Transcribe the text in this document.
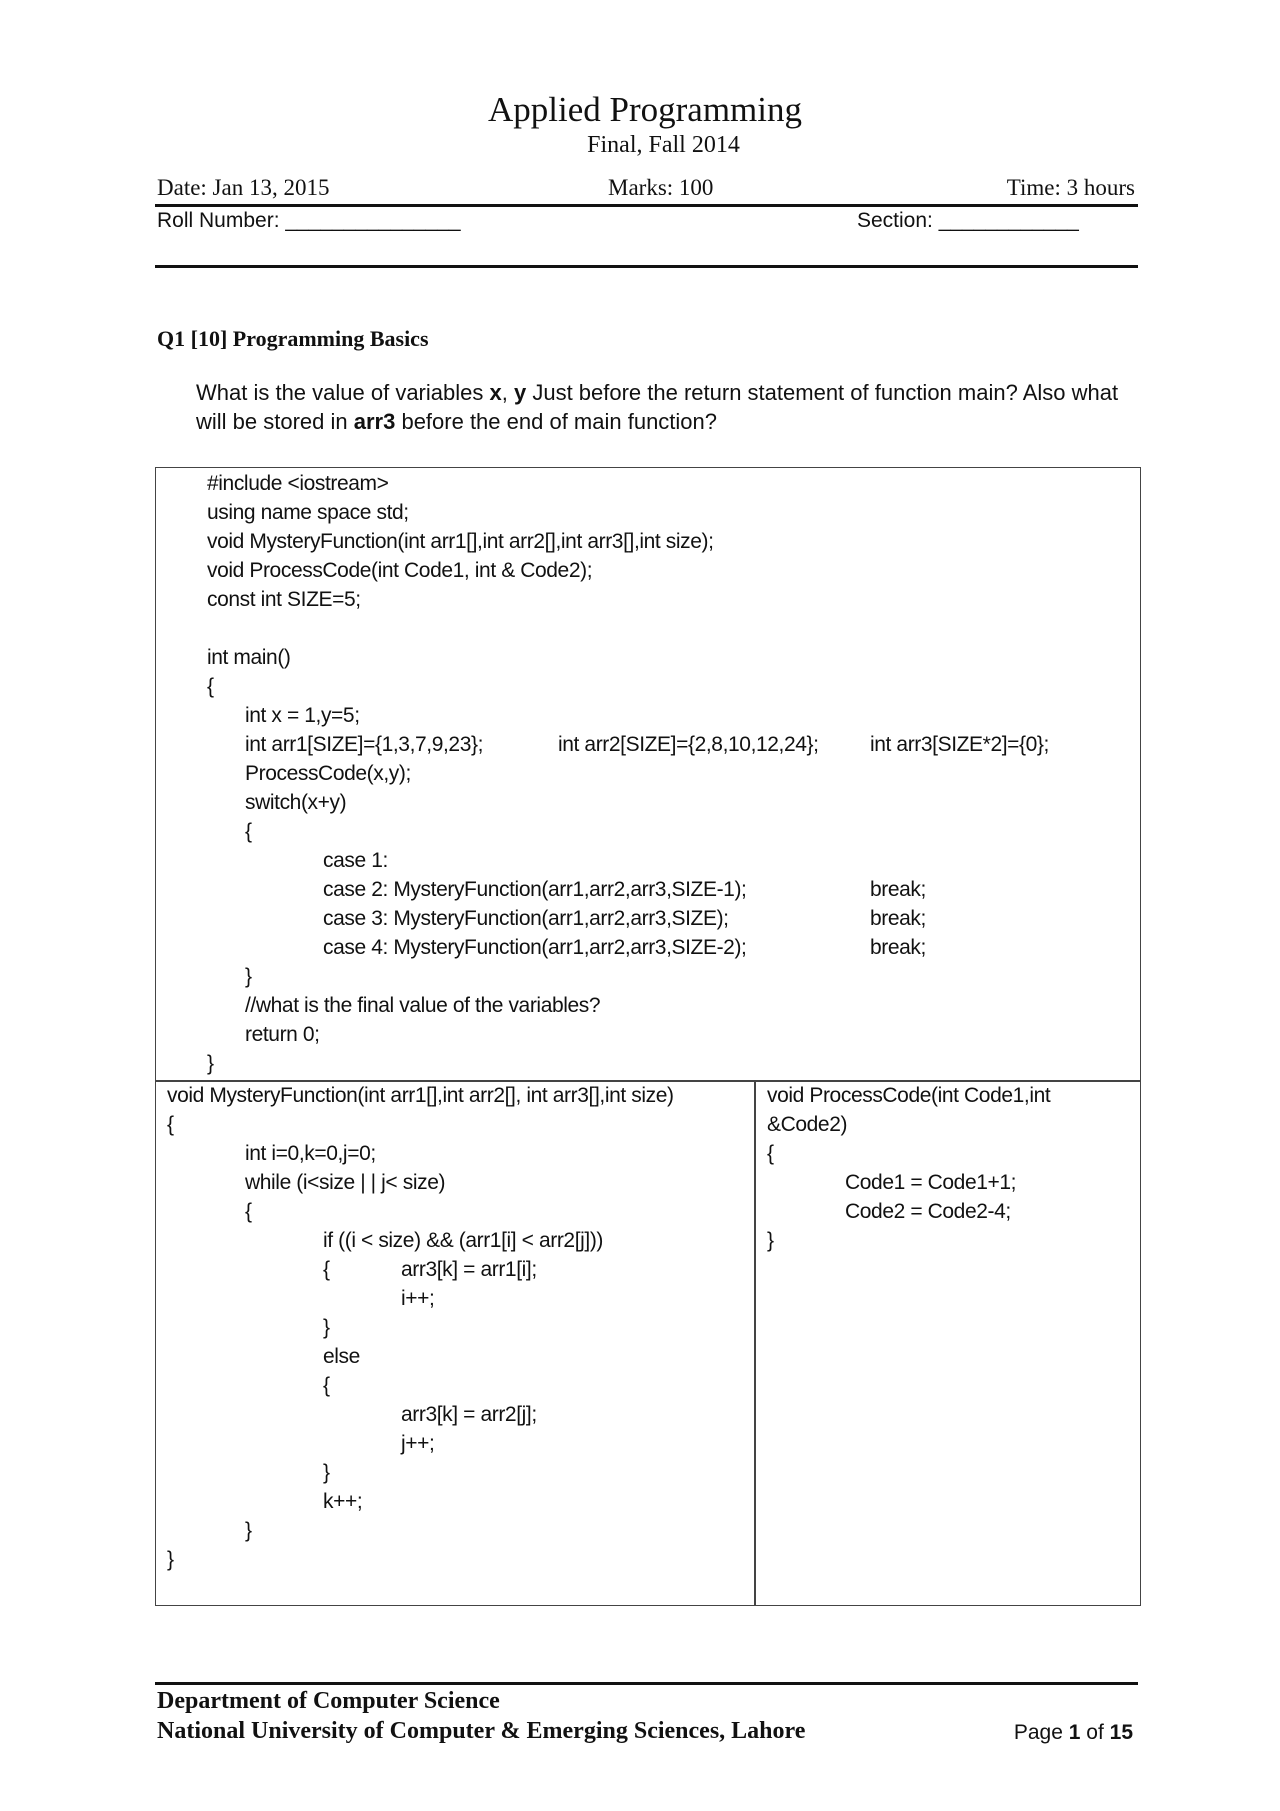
Applied Programming
Final, Fall 2014
Date: Jan 13, 2015	Marks: 100	Time: 3 hours
Roll Number: _______________	Section: ____________
Q1 [10] Programming Basics
What is the value of variables x, y Just before the return statement of function main? Also what
will be stored in arr3 before the end of main function?
#include <iostream>
using name space std;
void MysteryFunction(int arr1[],int arr2[],int arr3[],int size);
void ProcessCode(int Code1, int & Code2);
const int SIZE=5;
int main()
{
int x = 1,y=5;
int arr1[SIZE]={1,3,7,9,23};	int arr2[SIZE]={2,8,10,12,24}; int arr3[SIZE*2]={0};
ProcessCode(x,y);
switch(x+y)
{
case 1:
case 2: MysteryFunction(arr1,arr2,arr3,SIZE-1);	break;
case 3: MysteryFunction(arr1,arr2,arr3,SIZE);	break;
case 4: MysteryFunction(arr1,arr2,arr3,SIZE-2);	break;
}
//what is the final value of the variables?
return 0;
}
void MysteryFunction(int arr1[],int arr2[], int arr3[],int size)
{
int i=0,k=0,j=0;
while (i<size | | j< size)
{
if ((i < size) && (arr1[i] < arr2[j]))
{	arr3[k] = arr1[i];
i++;
}
else
{
arr3[k] = arr2[j];
j++;
}
k++;
}
}
void ProcessCode(int Code1,int
&Code2)
{
Code1 = Code1+1;
Code2 = Code2-4;
}
Department of Computer Science
National University of Computer & Emerging Sciences, Lahore	Page 1 of 15
